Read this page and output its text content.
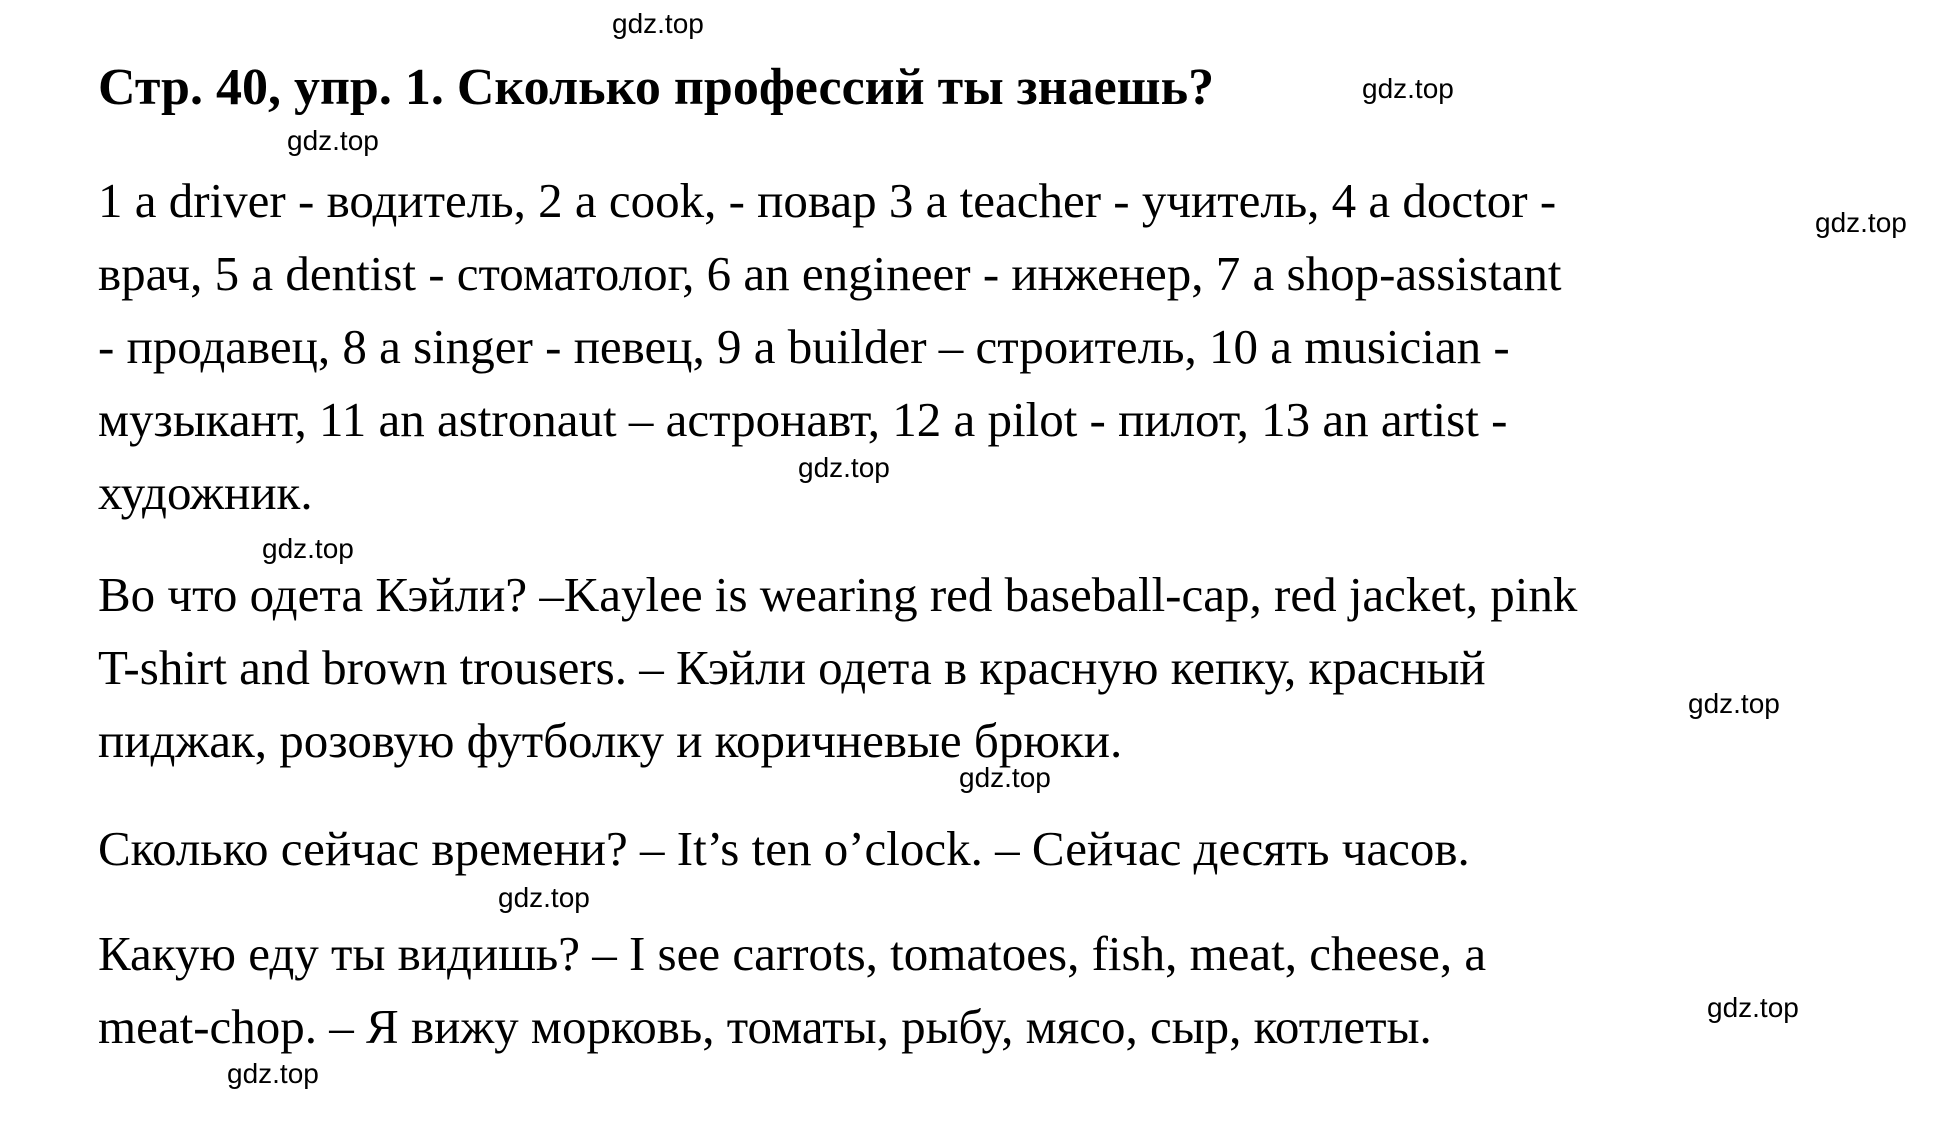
Стр. 40, упр. 1. Сколько профессий ты знаешь?
1 a driver - водитель, 2 a cook, - повар 3 a teacher - учитель, 4 a doctor -
врач, 5 a dentist - стоматолог, 6 an engineer - инженер, 7 a shop-assistant
- продавец, 8 a singer - певец, 9 a builder – строитель, 10 a musician -
музыкант, 11 an astronaut – астронавт, 12 a pilot - пилот, 13 an artist -
художник.
Во что одета Кэйли? –Kaylee is wearing red baseball-cap, red jacket, pink
T-shirt and brown trousers. – Кэйли одета в красную кепку, красный
пиджак, розовую футболку и коричневые брюки.
Сколько сейчас времени? – It’s ten o’clock. – Сейчас десять часов.
Какую еду ты видишь? – I see carrots, tomatoes, fish, meat, cheese, a
meat-chop. – Я вижу морковь, томаты, рыбу, мясо, сыр, котлеты.
gdz.top
gdz.top
gdz.top
gdz.top
gdz.top
gdz.top
gdz.top
gdz.top
gdz.top
gdz.top
gdz.top
